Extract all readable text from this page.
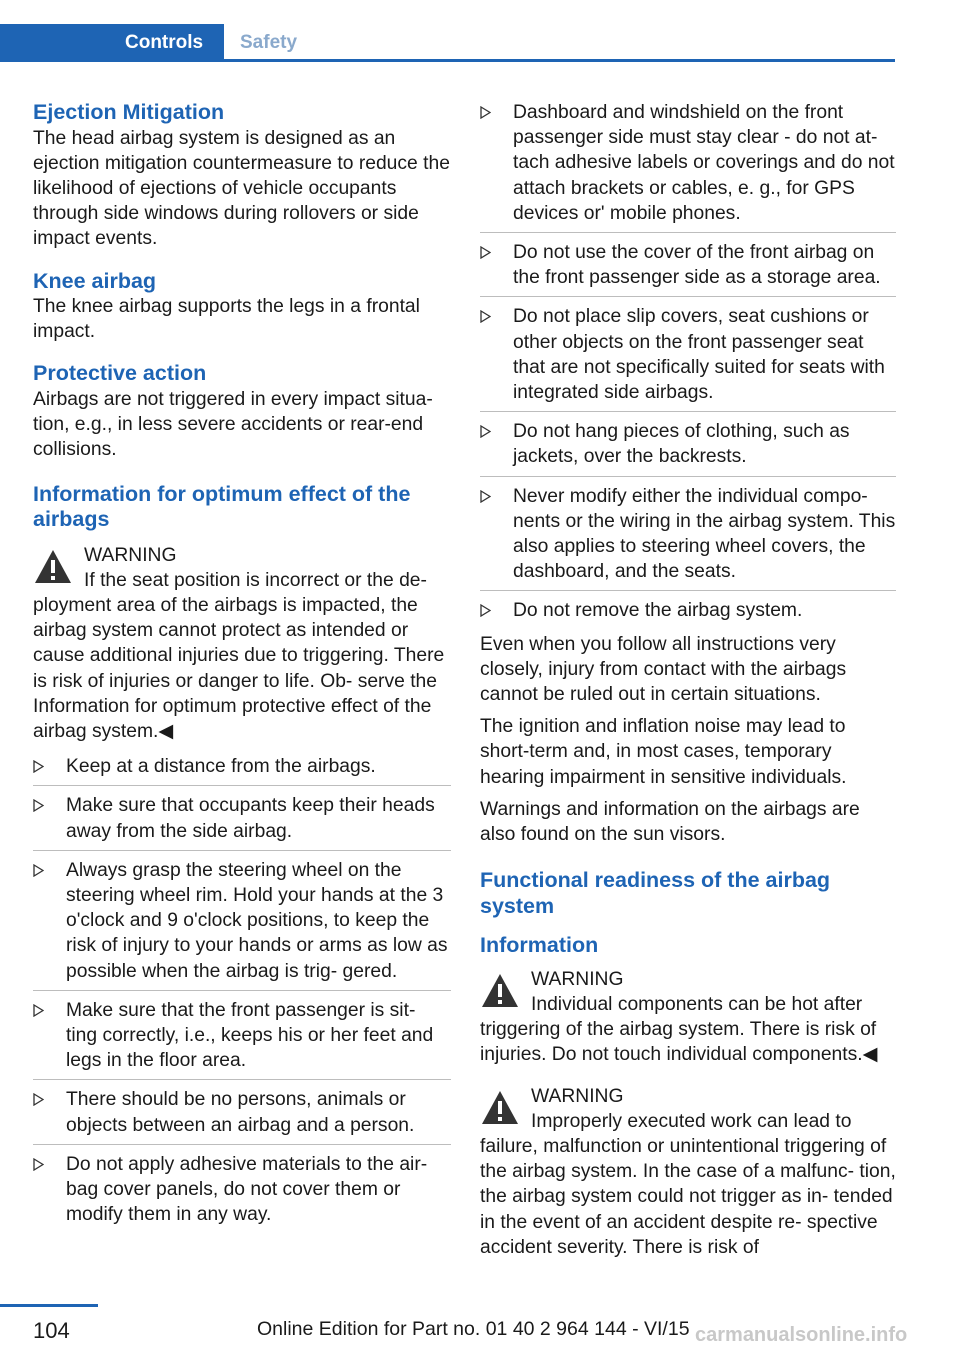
Controls	Safety
Ejection Mitigation

The head airbag system is designed as an ejection mitigation countermeasure to reduce the likelihood of ejections of vehicle occupants through side windows during rollovers or side impact events.

Knee airbag

The knee airbag supports the legs in a frontal impact.

Protective action

Airbags are not triggered in every impact situation, e.g., in less severe accidents or rear-end collisions.

Information for optimum effect of the airbags
WARNING
If the seat position is incorrect or the de‐
ployment area of the airbags is impacted, the airbag system cannot protect as intended or cause additional injuries due to triggering. There is risk of injuries or danger to life. Ob‐ serve the Information for optimum protective effect of the airbag system.◀
Keep at a distance from the airbags.
Make sure that occupants keep their heads away from the side airbag.
Always grasp the steering wheel on the steering wheel rim. Hold your hands at the 3 o'clock and 9 o'clock positions, to keep the risk of injury to your hands or arms as low as possible when the airbag is trig‐ gered.
Make sure that the front passenger is sit‐ ting correctly, i.e., keeps his or her feet and legs in the floor area.
There should be no persons, animals or objects between an airbag and a person.
Do not apply adhesive materials to the air‐ bag cover panels, do not cover them or modify them in any way.
Dashboard and windshield on the front passenger side must stay clear - do not at‐ tach adhesive labels or coverings and do not attach brackets or cables, e. g., for GPS devices or' mobile phones.
Do not use the cover of the front airbag on the front passenger side as a storage area.
Do not place slip covers, seat cushions or other objects on the front passenger seat that are not specifically suited for seats with integrated side airbags.
Do not hang pieces of clothing, such as jackets, over the backrests.
Never modify either the individual compo‐ nents or the wiring in the airbag system. This also applies to steering wheel covers, the dashboard, and the seats.
Do not remove the airbag system.

Even when you follow all instructions very closely, injury from contact with the airbags cannot be ruled out in certain situations.

The ignition and inflation noise may lead to short-term and, in most cases, temporary hearing impairment in sensitive individuals.

Warnings and information on the airbags are also found on the sun visors.

Functional readiness of the airbag system
Information
WARNING
Individual components can be hot after
triggering of the airbag system. There is risk of injuries. Do not touch individual components.◀
WARNING
Improperly executed work can lead to
failure, malfunction or unintentional triggering of the airbag system. In the case of a malfunc‐ tion, the airbag system could not trigger as in‐ tended in the event of an accident despite re‐ spective accident severity. There is risk of
104	Online Edition for Part no. 01 40 2 964 144 - VI/15 carmanualsonline.info
